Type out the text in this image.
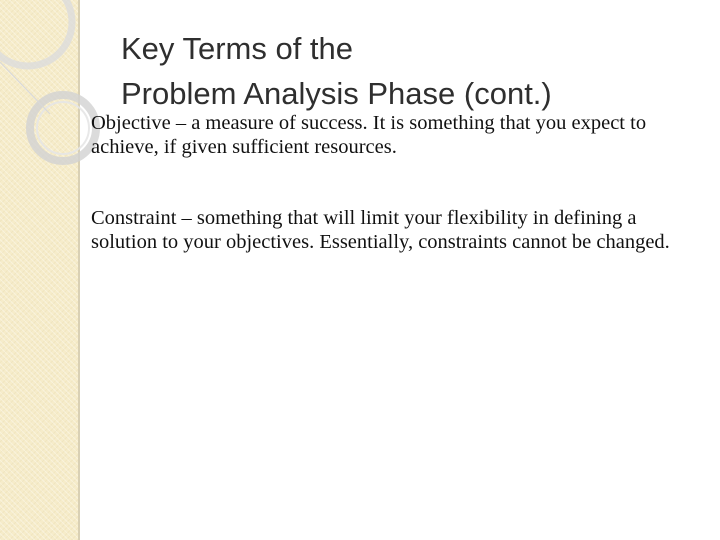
Key Terms of the
Problem Analysis Phase (cont.)

Objective – a measure of success. It is something that you expect to achieve, if given sufficient resources.

Constraint – something that will limit your flexibility in defining a solution to your objectives. Essentially, constraints cannot be changed.
